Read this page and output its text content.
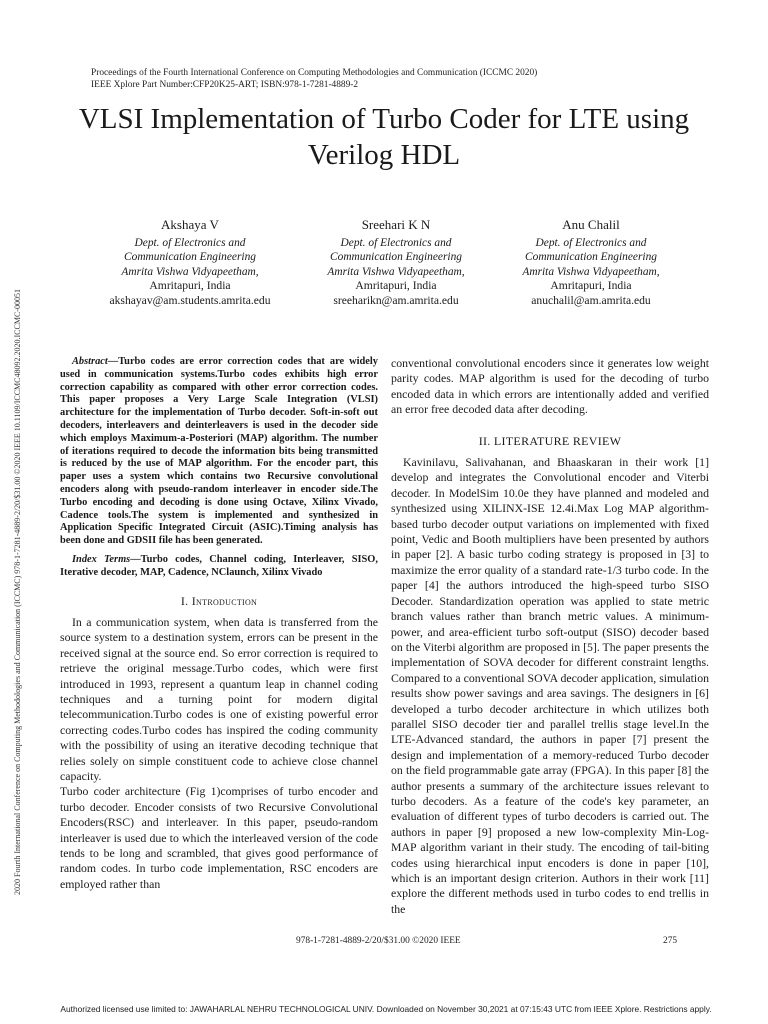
2020 Fourth International Conference on Computing Methodologies and Communication (ICCMC) 978-1-7281-4889-2/20/$31.00 ©2020 IEEE 10.1109/ICCMC48092.2020.ICCMC-00051
Proceedings of the Fourth International Conference on Computing Methodologies and Communication (ICCMC 2020)
IEEE Xplore Part Number:CFP20K25-ART; ISBN:978-1-7281-4889-2
VLSI Implementation of Turbo Coder for LTE using Verilog HDL
Akshaya V
Dept. of Electronics and
Communication Engineering
Amrita Vishwa Vidyapeetham,
Amritapuri, India
akshayav@am.students.amrita.edu
Sreehari K N
Dept. of Electronics and
Communication Engineering
Amrita Vishwa Vidyapeetham,
Amritapuri, India
sreeharikn@am.amrita.edu
Anu Chalil
Dept. of Electronics and
Communication Engineering
Amrita Vishwa Vidyapeetham,
Amritapuri, India
anuchalil@am.amrita.edu

Abstract—Turbo codes are error correction codes that are widely used in communication systems.Turbo codes exhibits high error correction capability as compared with other error correction codes. This paper proposes a Very Large Scale Integration (VLSI) architecture for the implementation of Turbo decoder. Soft-in-soft out decoders, interleavers and deinterleavers is used in the decoder side which employs Maximum-a-Posteriori (MAP) algorithm. The number of iterations required to decode the information bits being transmitted is reduced by the use of MAP algorithm. For the encoder part, this paper uses a system which contains two Recursive convolutional encoders along with pseudo-random interleaver in encoder side.The Turbo encoding and decoding is done using Octave, Xilinx Vivado, Cadence tools.The system is implemented and synthesized in Application Specific Integrated Circuit (ASIC).Timing analysis has been done and GDSII file has been generated.

Index Terms—Turbo codes, Channel coding, Interleaver, SISO, Iterative decoder, MAP, Cadence, NClaunch, Xilinx Vivado

I. Introduction

In a communication system, when data is transferred from the source system to a destination system, errors can be present in the received signal at the source end. So error correction is required to retrieve the original message.Turbo codes, which were first introduced in 1993, represent a quantum leap in channel coding techniques and a turning point for modern digital telecommunication.Turbo codes is one of existing powerful error correcting codes.Turbo codes has inspired the coding community with the possibility of using an iterative decoding technique that relies solely on simple constituent code to achieve close channel capacity.

Turbo coder architecture (Fig 1)comprises of turbo encoder and turbo decoder. Encoder consists of two Recursive Convolutional Encoders(RSC) and interleaver. In this paper, pseudo-random interleaver is used due to which the interleaved version of the code tends to be long and scrambled, that gives good performance of random codes. In turbo code implementation, RSC encoders are employed rather than

conventional convolutional encoders since it generates low weight parity codes. MAP algorithm is used for the decoding of turbo encoded data in which errors are intentionally added and verified an error free decoded data after decoding.

II. LITERATURE REVIEW

Kavinilavu, Salivahanan, and Bhaaskaran in their work [1] develop and integrates the Convolutional encoder and Viterbi decoder. In ModelSim 10.0e they have planned and modeled and synthesized using XILINX-ISE 12.4i.Max Log MAP algorithm-based turbo decoder output variations on implemented with fixed point, Vedic and Booth multipliers have been presented by authors in paper [2]. A basic turbo coding strategy is proposed in [3] to maximize the error quality of a standard rate-1/3 turbo code. In the paper [4] the authors introduced the high-speed turbo SISO Decoder. Standardization operation was applied to state metric branch values rather than branch metric values. A minimum- power, and area-efficient turbo soft-output (SISO) decoder based on the Viterbi algorithm are proposed in [5]. The paper presents the implementation of SOVA decoder for different constraint lengths. Compared to a conventional SOVA decoder application, simulation results show power savings and area savings. The designers in [6] developed a turbo decoder architecture in which utilizes both parallel SISO decoder tier and parallel trellis stage level.In the LTE-Advanced standard, the authors in paper [7] present the design and implementation of a memory-reduced Turbo decoder on the field programmable gate array (FPGA). In this paper [8] the author presents a summary of the architecture issues relevant to turbo decoders. As a feature of the code's key parameter, an evaluation of different types of turbo decoders is carried out. The authors in paper [9] proposed a new low-complexity Min-Log-MAP algorithm variant in their study. The encoding of tail-biting codes using hierarchical input encoders is done in paper [10], which is an important design criterion. Authors in their work [11] explore the different methods used in turbo codes to end trellis in the

978-1-7281-4889-2/20/$31.00 ©2020 IEEE	275
Authorized licensed use limited to: JAWAHARLAL NEHRU TECHNOLOGICAL UNIV. Downloaded on November 30,2021 at 07:15:43 UTC from IEEE Xplore. Restrictions apply.
